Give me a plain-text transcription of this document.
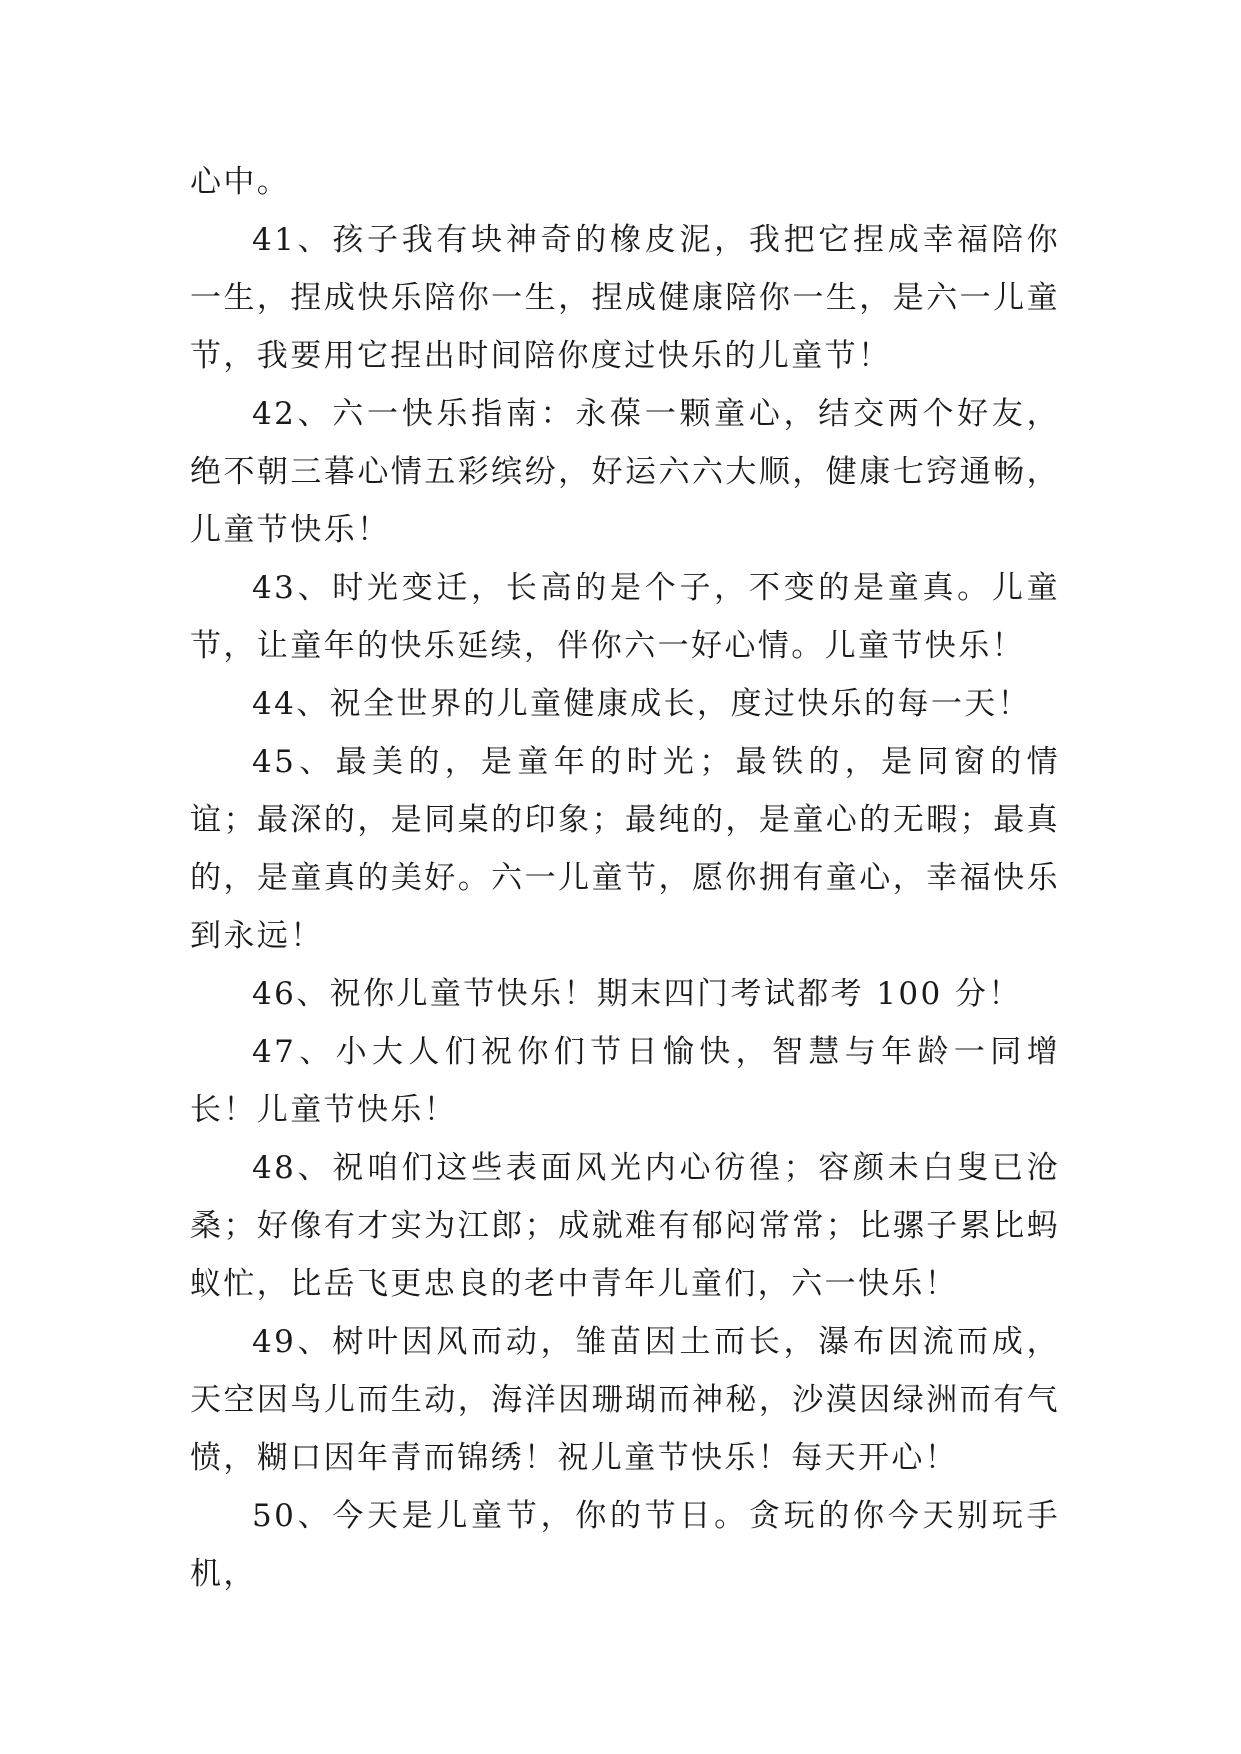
心中。

41、孩子我有块神奇的橡皮泥，我把它捏成幸福陪你一生，捏成快乐陪你一生，捏成健康陪你一生，是六一儿童节，我要用它捏出时间陪你度过快乐的儿童节！

42、六一快乐指南：永葆一颗童心，结交两个好友，绝不朝三暮心情五彩缤纷，好运六六大顺，健康七窍通畅，儿童节快乐！

43、时光变迁，长高的是个子，不变的是童真。儿童节，让童年的快乐延续，伴你六一好心情。儿童节快乐！

44、祝全世界的儿童健康成长，度过快乐的每一天！

45、最美的，是童年的时光；最铁的，是同窗的情谊；最深的，是同桌的印象；最纯的，是童心的无暇；最真的，是童真的美好。六一儿童节，愿你拥有童心，幸福快乐到永远！

46、祝你儿童节快乐！期末四门考试都考 100 分！

47、小大人们祝你们节日愉快，智慧与年龄一同增长！儿童节快乐！

48、祝咱们这些表面风光内心彷徨；容颜未白叟已沧桑；好像有才实为江郎；成就难有郁闷常常；比骡子累比蚂蚁忙，比岳飞更忠良的老中青年儿童们，六一快乐！

49、树叶因风而动，雏苗因土而长，瀑布因流而成，天空因鸟儿而生动，海洋因珊瑚而神秘，沙漠因绿洲而有气愤，糊口因年青而锦绣！祝儿童节快乐！每天开心！

50、今天是儿童节，你的节日。贪玩的你今天别玩手机，
